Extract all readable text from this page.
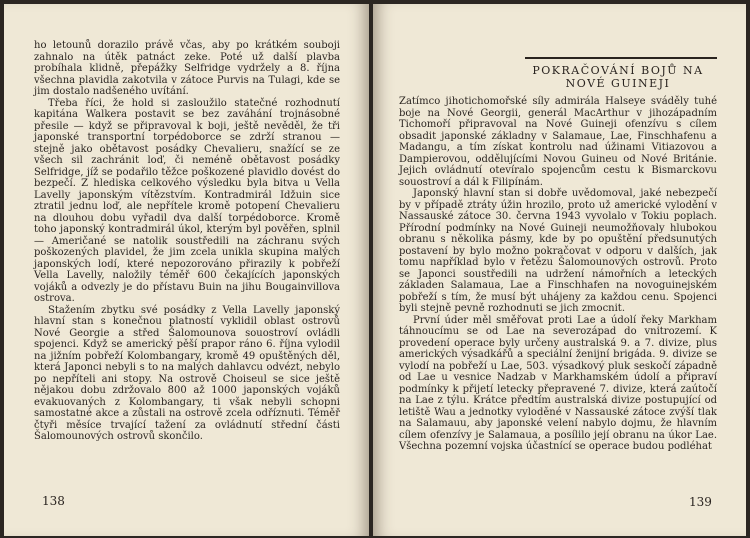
ho letounů dorazilo právě včas, aby po krátkém souboji zahnalo na útěk patnáct zeke. Poté už další plavba probíhala klidně, přepážky Selfridge vydržely a 8. října všechna plavidla zakotvila v zátoce Purvis na Tulagi, kde se jim dostalo nadšeného uvítání.

Třeba říci, že hold si zasloužilo statečné rozhodnutí kapitána Walkera postavit se bez zaváhání trojnásobné přesile — když se připravoval k boji, ještě nevěděl, že tři japonské transportní torpédoborce se zdrží stranou — stejně jako obětavost posádky Chevalieru, snažící se ze všech sil zachránit loď, či neméně obětavost posádky Selfridge, jíž se podařilo těžce poškozené plavidlo dovést do bezpečí. Z hlediska celkového výsledku byla bitva u Vella Lavelly japonským vítězstvím. Kontradmirál Idžuin sice ztratil jednu loď, ale nepřítele kromě potopení Chevalieru na dlouhou dobu vyřadil dva další torpédoborce. Kromě toho japonský kontradmirál úkol, kterým byl pověřen, splnil — Američané se natolik soustředili na záchranu svých poškozených plavidel, že jim zcela unikla skupina malých japonských lodí, které nepozorováno přirazily k pobřeží Vella Lavelly, naložily téměř 600 čekajících japonských vojáků a odvezly je do přístavu Buin na jihu Bougainvillova ostrova.

Stažením zbytku své posádky z Vella Lavelly japonský hlavní stan s konečnou platností vyklidil oblast ostrovů Nové Georgie a střed Šalomounova souostroví ovládli spojenci. Když se americký pěší prapor ráno 6. října vylodil na jižním pobřeží Kolombangary, kromě 49 opuštěných děl, která Japonci nebyli s to na malých dahlavcu odvézt, nebylo po nepříteli ani stopy. Na ostrově Choiseul se sice ještě nějakou dobu zdržovalo 800 až 1000 japonských vojáků evakuovaných z Kolombangary, ti však nebyli schopni samostatné akce a zůstali na ostrově zcela odříznuti. Téměř čtyři měsíce trvající tažení za ovládnutí střední části Šalomounových ostrovů skončilo.

138
POKRAČOVÁNÍ BOJŮ NA NOVÉ GUINEJI

Zatímco jihotichomořské síly admirála Halseye sváděly tuhé boje na Nové Georgii, generál MacArthur v jihozápadním Tichomoří připravoval na Nové Guineji ofenzívu s cílem obsadit japonské základny v Salamaue, Lae, Finschhafenu a Madangu, a tím získat kontrolu nad úžinami Vitiazovou a Dampierovou, oddělujícími Novou Guineu od Nové Británie. Jejich ovládnutí otevíralo spojencům cestu k Bismarckovu souostroví a dál k Filipínám.

Japonský hlavní stan si dobře uvědomoval, jaké nebezpečí by v případě ztráty úžin hrozilo, proto už americké vylodění v Nassauské zátoce 30. června 1943 vyvolalo v Tokiu poplach. Přírodní podmínky na Nové Guineji neumožňovaly hlubokou obranu s několika pásmy, kde by po opuštění předsunutých postavení by bylo možno pokračovat v odporu v dalších, jak tomu například bylo v řetězu Šalomounových ostrovů. Proto se Japonci soustředili na udržení námořních a leteckých základen Salamaua, Lae a Finschhafen na novoguinejském pobřeží s tím, že musí být uhájeny za každou cenu. Spojenci byli stejně pevně rozhodnuti se jich zmocnit.

První úder měl směřovat proti Lae a údolí řeky Markham táhnoucímu se od Lae na severozápad do vnitrozemí. K provedení operace byly určeny australská 9. a 7. divize, plus amerických výsadkářů a speciální ženijní brigáda. 9. divize se vylodí na pobřeží u Lae, 503. výsadkový pluk seskočí západně od Lae u vesnice Nadzab v Markhamském údolí a připraví podmínky k přijetí letecky přepravené 7. divize, která zaútočí na Lae z týlu. Krátce předtím australská divize postupující od letiště Wau a jednotky vyloděné v Nassauské zátoce zvýší tlak na Salamauu, aby japonské velení nabylo dojmu, že hlavním cílem ofenzívy je Salamaua, a posílilo její obranu na úkor Lae. Všechna pozemní vojska účastnící se operace budou podléhat

139
